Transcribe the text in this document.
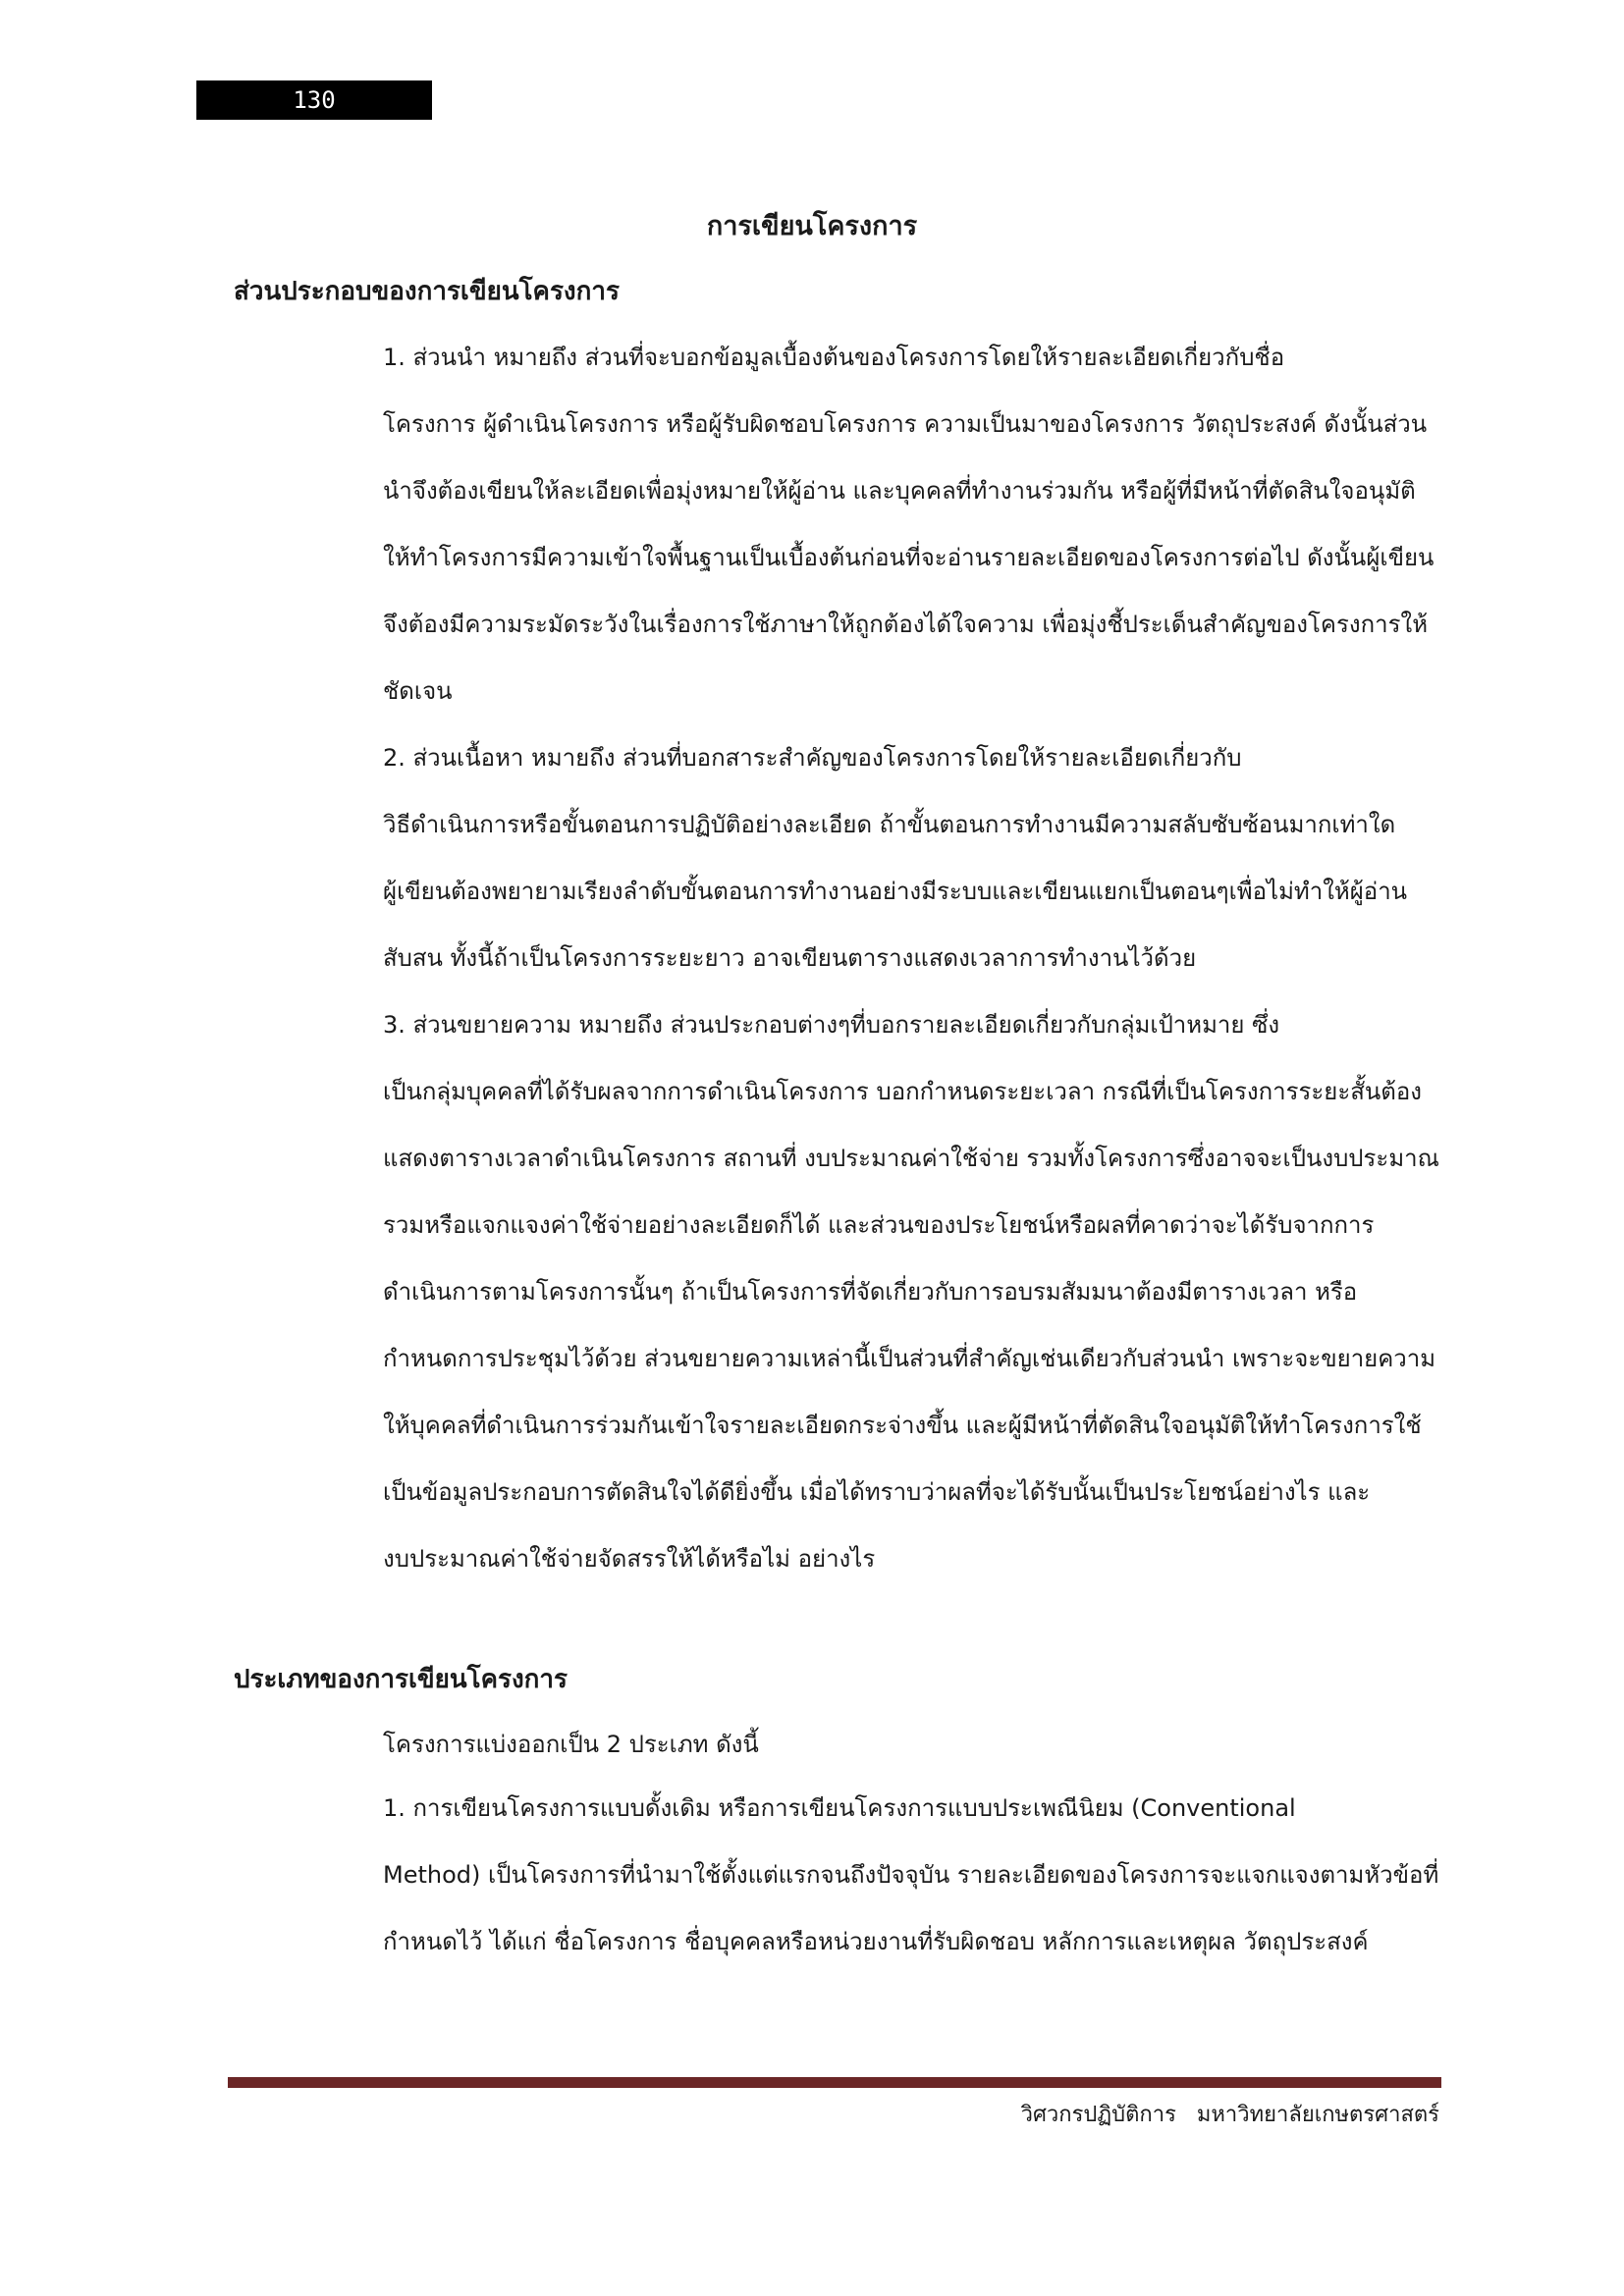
130
การเขียนโครงการ
ส่วนประกอบของการเขียนโครงการ

1. ส่วนนำ หมายถึง ส่วนที่จะบอกข้อมูลเบื้องต้นของโครงการโดยให้รายละเอียดเกี่ยวกับชื่อ
โครงการ ผู้ดำเนินโครงการ หรือผู้รับผิดชอบโครงการ ความเป็นมาของโครงการ วัตถุประสงค์ ดังนั้นส่วน
นำจึงต้องเขียนให้ละเอียดเพื่อมุ่งหมายให้ผู้อ่าน และบุคคลที่ทำงานร่วมกัน หรือผู้ที่มีหน้าที่ตัดสินใจอนุมัติ
ให้ทำโครงการมีความเข้าใจพื้นฐานเป็นเบื้องต้นก่อนที่จะอ่านรายละเอียดของโครงการต่อไป ดังนั้นผู้เขียน
จึงต้องมีความระมัดระวังในเรื่องการใช้ภาษาให้ถูกต้องได้ใจความ เพื่อมุ่งชี้ประเด็นสำคัญของโครงการให้
ชัดเจน

2. ส่วนเนื้อหา หมายถึง ส่วนที่บอกสาระสำคัญของโครงการโดยให้รายละเอียดเกี่ยวกับ
วิธีดำเนินการหรือขั้นตอนการปฏิบัติอย่างละเอียด ถ้าขั้นตอนการทำงานมีความสลับซับซ้อนมากเท่าใด
ผู้เขียนต้องพยายามเรียงลำดับขั้นตอนการทำงานอย่างมีระบบและเขียนแยกเป็นตอนๆเพื่อไม่ทำให้ผู้อ่าน
สับสน ทั้งนี้ถ้าเป็นโครงการระยะยาว อาจเขียนตารางแสดงเวลาการทำงานไว้ด้วย

3. ส่วนขยายความ หมายถึง ส่วนประกอบต่างๆที่บอกรายละเอียดเกี่ยวกับกลุ่มเป้าหมาย ซึ่ง
เป็นกลุ่มบุคคลที่ได้รับผลจากการดำเนินโครงการ บอกกำหนดระยะเวลา กรณีที่เป็นโครงการระยะสั้นต้อง
แสดงตารางเวลาดำเนินโครงการ สถานที่ งบประมาณค่าใช้จ่าย รวมทั้งโครงการซึ่งอาจจะเป็นงบประมาณ
รวมหรือแจกแจงค่าใช้จ่ายอย่างละเอียดก็ได้ และส่วนของประโยชน์หรือผลที่คาดว่าจะได้รับจากการ
ดำเนินการตามโครงการนั้นๆ ถ้าเป็นโครงการที่จัดเกี่ยวกับการอบรมสัมมนาต้องมีตารางเวลา หรือ
กำหนดการประชุมไว้ด้วย ส่วนขยายความเหล่านี้เป็นส่วนที่สำคัญเช่นเดียวกับส่วนนำ เพราะจะขยายความ
ให้บุคคลที่ดำเนินการร่วมกันเข้าใจรายละเอียดกระจ่างขึ้น และผู้มีหน้าที่ตัดสินใจอนุมัติให้ทำโครงการใช้
เป็นข้อมูลประกอบการตัดสินใจได้ดียิ่งขึ้น เมื่อได้ทราบว่าผลที่จะได้รับนั้นเป็นประโยชน์อย่างไร และ
งบประมาณค่าใช้จ่ายจัดสรรให้ได้หรือไม่ อย่างไร

ประเภทของการเขียนโครงการ
โครงการแบ่งออกเป็น 2 ประเภท ดังนี้

1. การเขียนโครงการแบบดั้งเดิม หรือการเขียนโครงการแบบประเพณีนิยม (Conventional
Method) เป็นโครงการที่นำมาใช้ตั้งแต่แรกจนถึงปัจจุบัน รายละเอียดของโครงการจะแจกแจงตามหัวข้อที่
กำหนดไว้ ได้แก่ ชื่อโครงการ ชื่อบุคคลหรือหน่วยงานที่รับผิดชอบ หลักการและเหตุผล วัตถุประสงค์

วิศวกรปฏิบัติการ   มหาวิทยาลัยเกษตรศาสตร์
